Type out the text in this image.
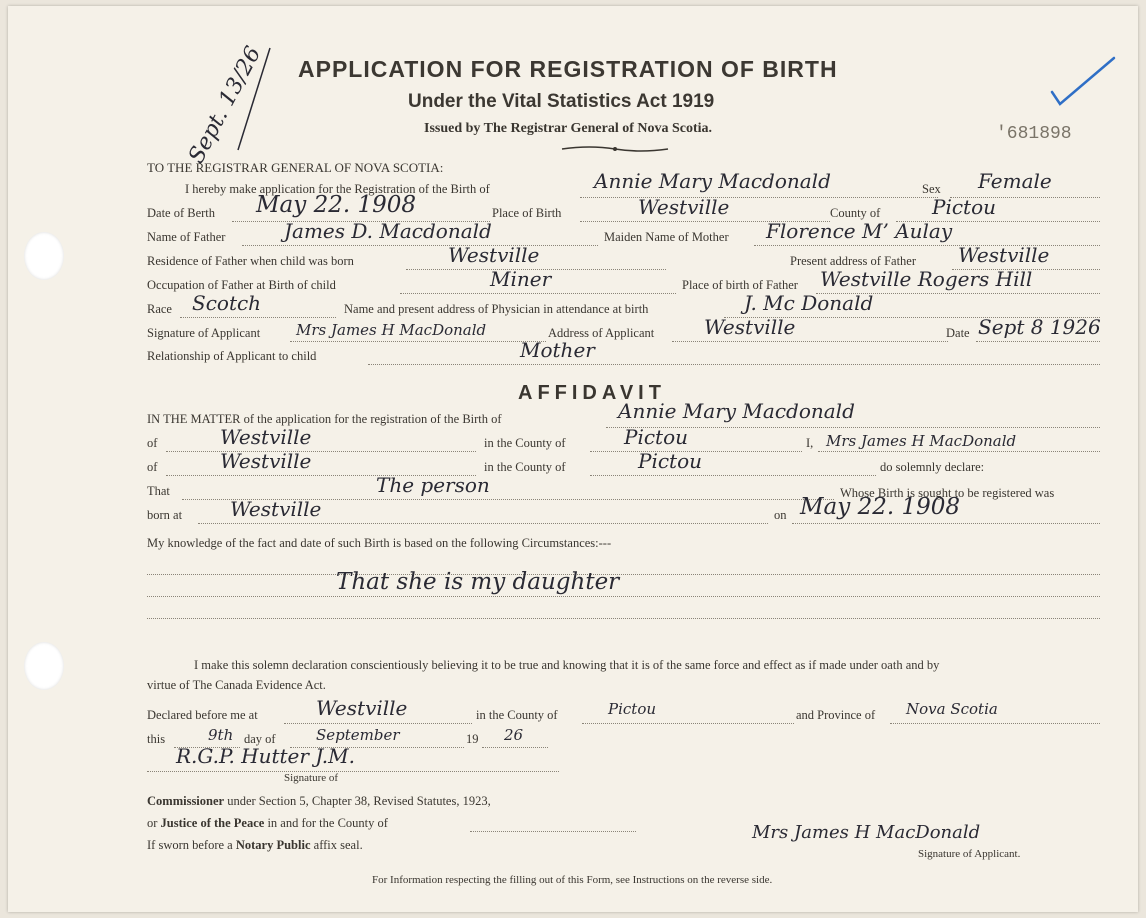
Sept. 13/26	'681898
APPLICATION FOR REGISTRATION OF BIRTH
Under the Vital Statistics Act 1919
Issued by The Registrar General of Nova Scotia.
TO THE REGISTRAR GENERAL OF NOVA SCOTIA:
I hereby make application for the Registration of the Birth of	Annie Mary Macdonald	Sex Female
Date of Berth May 22. 1908	Place of Birth	Westville	County of	Pictou
Name of Father	James D. Macdonald	Maiden Name of Mother Florence M’ Aulay
Residence of Father when child was born	Westville	Present address of Father Westville
Occupation of Father at Birth of child	Miner	Place of birth of Father Westville Rogers Hill
Race Scotch	Name and present address of Physician in attendance at birth	J. Mc Donald
Signature of Applicant Mrs James H MacDonald	Address of Applicant Westville	Date Sept 8 1926
Relationship of Applicant to child	Mother
AFFIDAVIT
IN THE MATTER of the application for the registration of the Birth of	Annie Mary Macdonald
of	Westville	in the County of	Pictou	I, Mrs James H MacDonald
of	Westville	in the County of	Pictou	do solemnly declare:
That	The person	Whose Birth is sought to be registered was
born at Westville	on May 22. 1908
My knowledge of the fact and date of such Birth is based on the following Circumstances:---
That she is my daughter
I make this solemn declaration conscientiously believing it to be true and knowing that it is of the same force and effect as if made under oath and by
virtue of The Canada Evidence Act.
Declared before me at	Westville	in the County of	Pictou	and Province of Nova Scotia
this	9th day of	September	19 26
R.G.P. Hutter J.M.
Signature of
Commissioner under Section 5, Chapter 38, Revised Statutes, 1923,
or Justice of the Peace in and for the County of
If sworn before a Notary Public affix seal.
Mrs James H MacDonald
Signature of Applicant.
For Information respecting the filling out of this Form, see Instructions on the reverse side.
